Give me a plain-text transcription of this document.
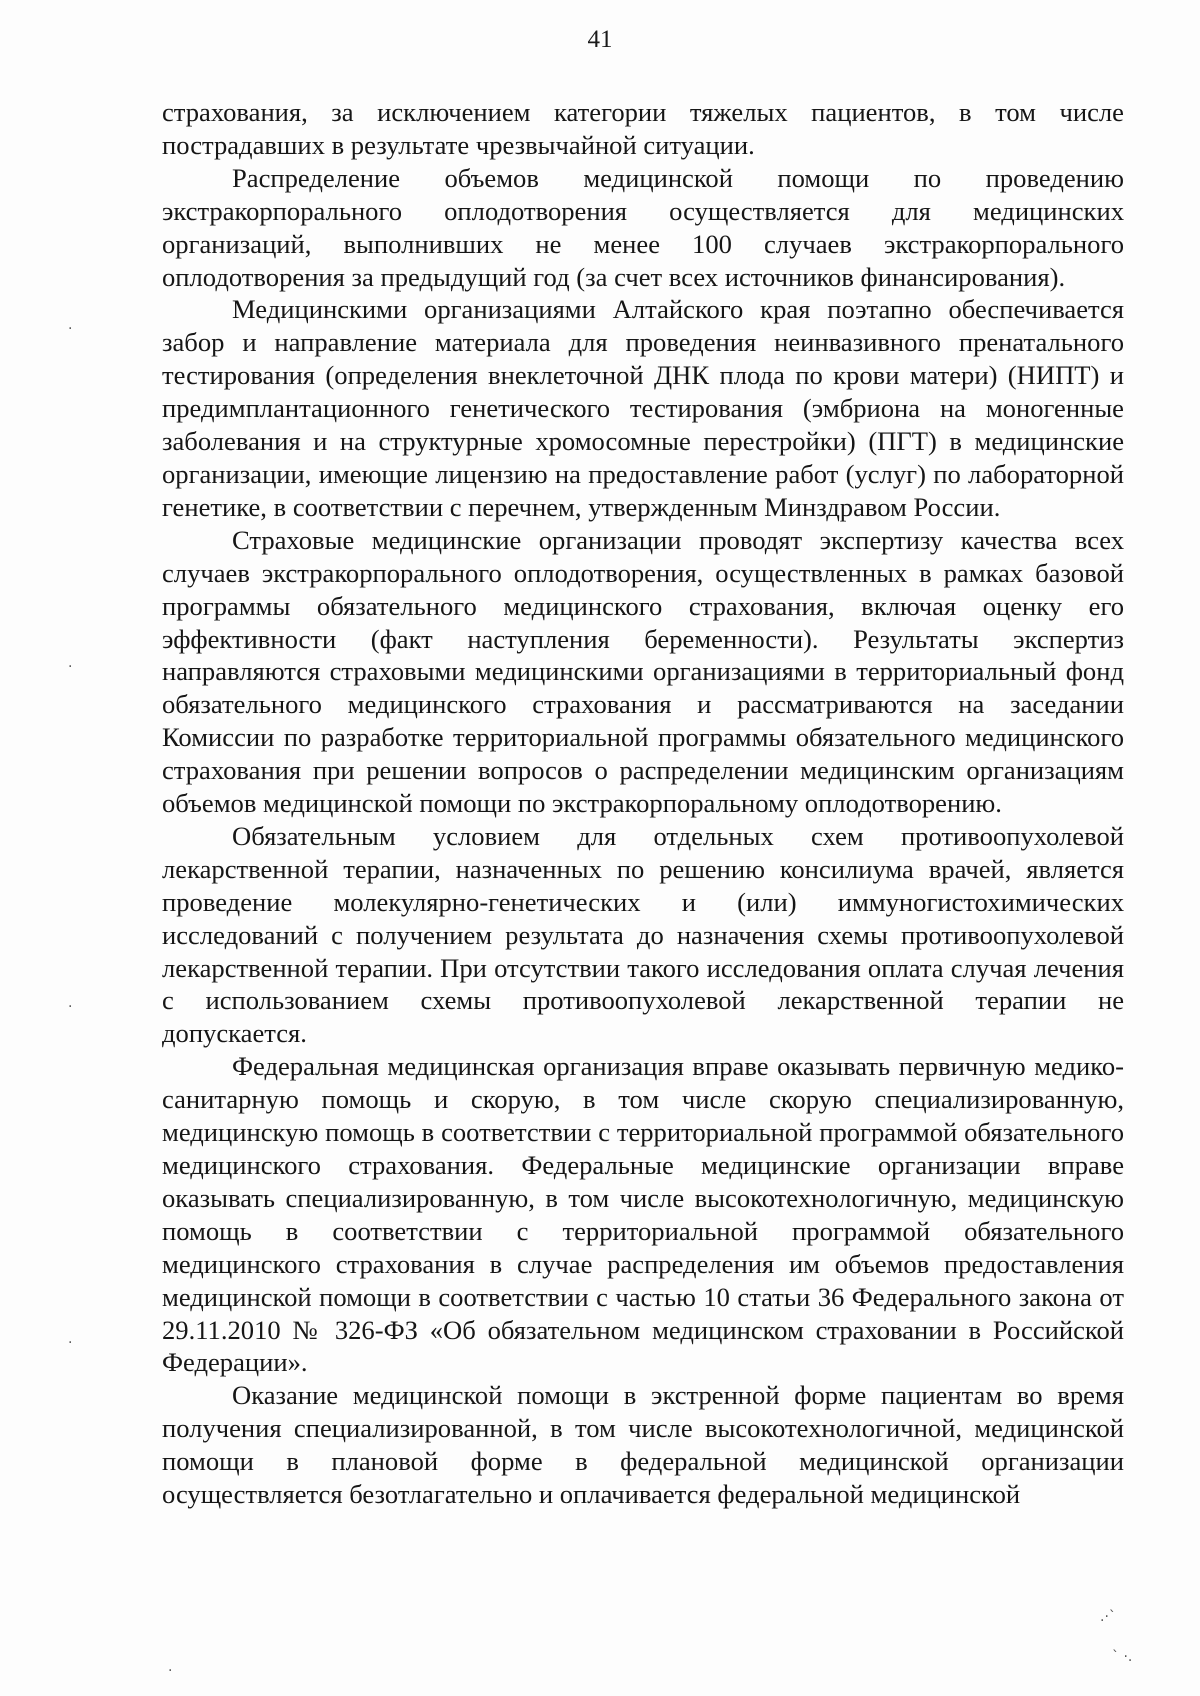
41

страхования, за исключением категории тяжелых пациентов, в том числе пострадавших в результате чрезвычайной ситуации.

Распределение объемов медицинской помощи по проведению экстракорпорального оплодотворения осуществляется для медицинских организаций, выполнивших не менее 100 случаев экстракорпорального оплодотворения за предыдущий год (за счет всех источников финансирования).

Медицинскими организациями Алтайского края поэтапно обеспечивается забор и направление материала для проведения неинвазивного пренатального тестирования (определения внеклеточной ДНК плода по крови матери) (НИПТ) и предимплантационного генетического тестирования (эмбриона на моногенные заболевания и на структурные хромосомные перестройки) (ПГТ) в медицинские организации, имеющие лицензию на предоставление работ (услуг) по лабораторной генетике, в соответствии с перечнем, утвержденным Минздравом России.

Страховые медицинские организации проводят экспертизу качества всех случаев экстракорпорального оплодотворения, осуществленных в рамках базовой программы обязательного медицинского страхования, включая оценку его эффективности (факт наступления беременности). Результаты экспертиз направляются страховыми медицинскими организациями в территориальный фонд обязательного медицинского страхования и рассматриваются на заседании Комиссии по разработке территориальной программы обязательного медицинского страхования при решении вопросов о распределении медицинским организациям объемов медицинской помощи по экстракорпоральному оплодотворению.

Обязательным условием для отдельных схем противоопухолевой лекарственной терапии, назначенных по решению консилиума врачей, является проведение молекулярно-генетических и (или) иммуногистохимических исследований с получением результата до назначения схемы противоопухолевой лекарственной терапии. При отсутствии такого исследования оплата случая лечения с использованием схемы противоопухолевой лекарственной терапии не допускается.

Федеральная медицинская организация вправе оказывать первичную медико-санитарную помощь и скорую, в том числе скорую специализированную, медицинскую помощь в соответствии с территориальной программой обязательного медицинского страхования. Федеральные медицинские организации вправе оказывать специализированную, в том числе высокотехнологичную, медицинскую помощь в соответствии с территориальной программой обязательного медицинского страхования в случае распределения им объемов предоставления медицинской помощи в соответствии с частью 10 статьи 36 Федерального закона от 29.11.2010 № 326-ФЗ «Об обязательном медицинском страховании в Российской Федерации».

Оказание медицинской помощи в экстренной форме пациентам во время получения специализированной, в том числе высокотехнологичной, медицинской помощи в плановой форме в федеральной медицинской организации осуществляется безотлагательно и оплачивается федеральной медицинской

·
·
·
·
.·`
` ·.
·
